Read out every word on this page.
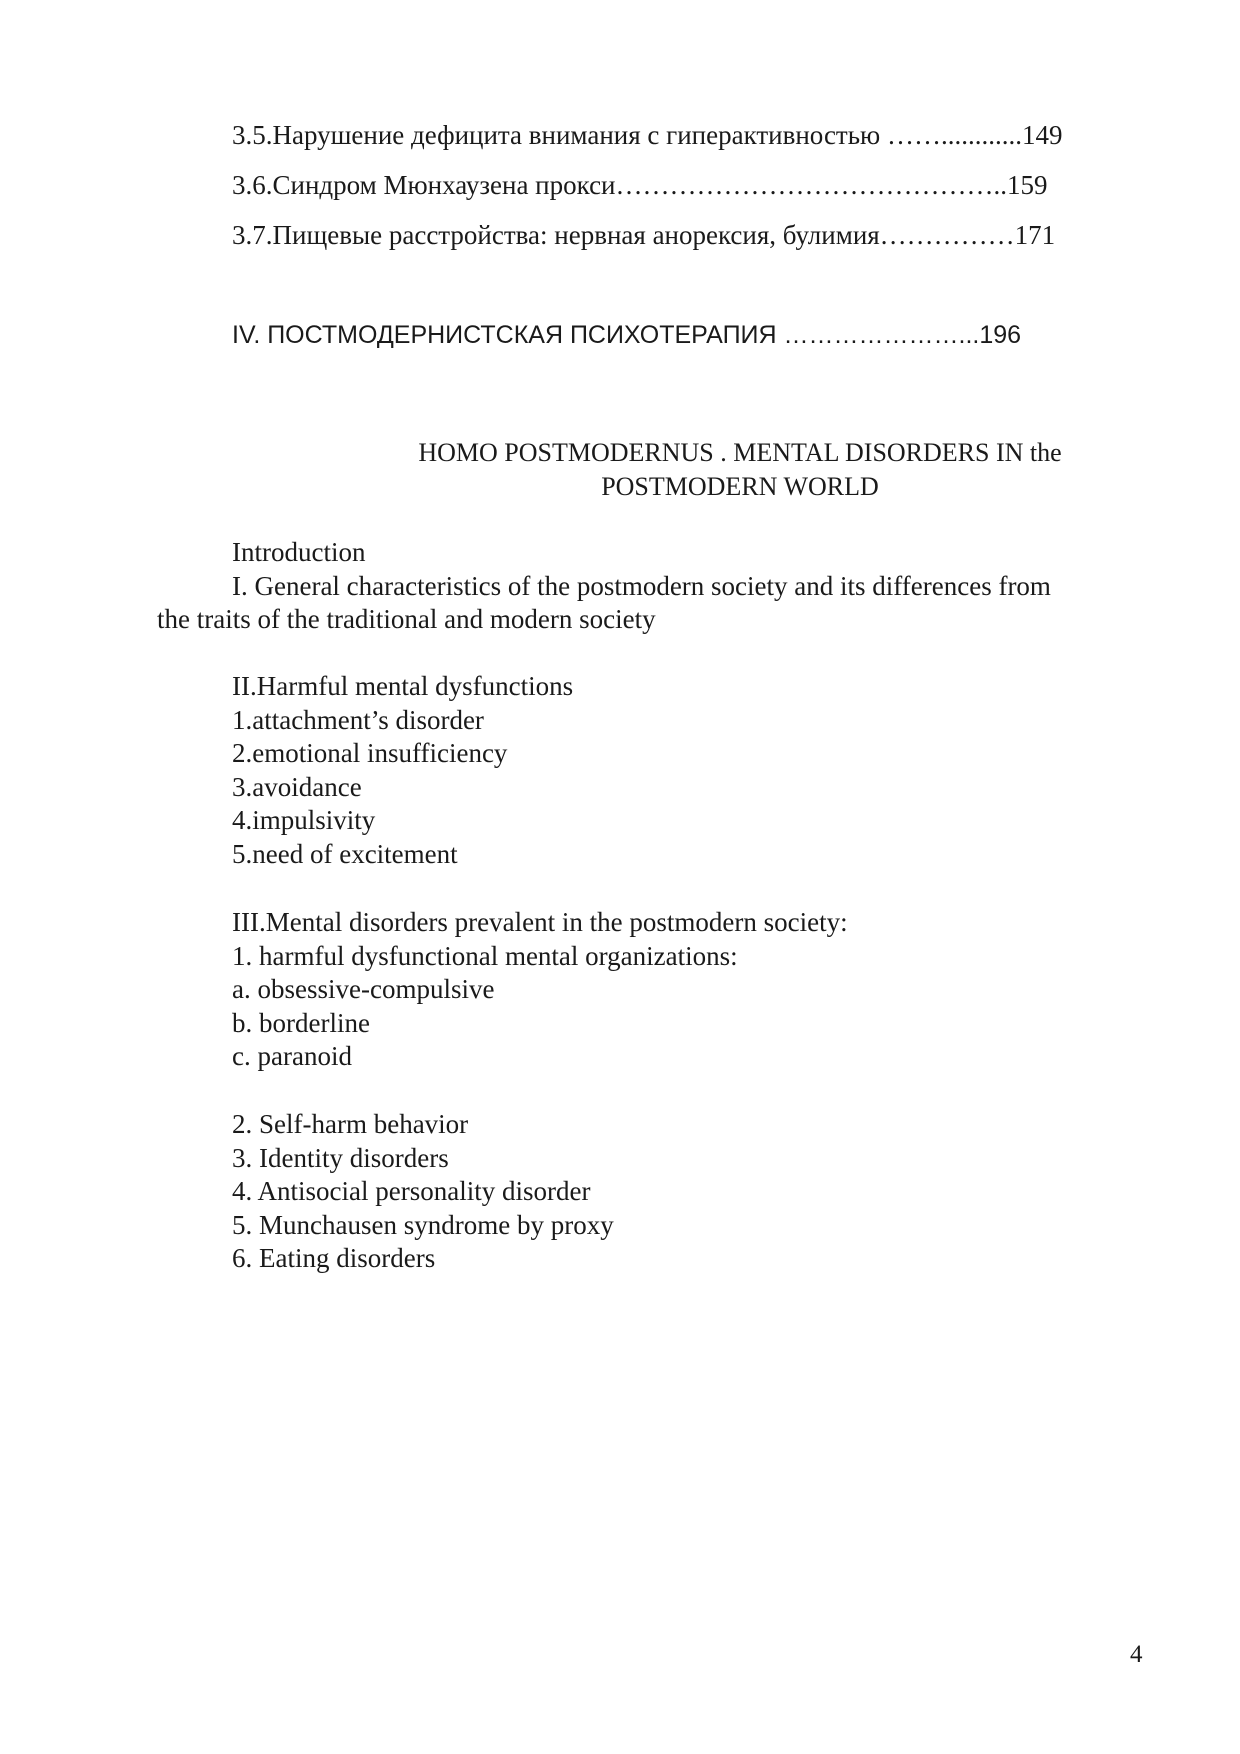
3.5.Нарушение дефицита внимания с гиперактивностью ……............149
3.6.Синдром Мюнхаузена прокси……………………………………..159
3.7.Пищевые расстройства: нервная анорексия, булимия……………171
IV. ПОСТМОДЕРНИСТСКАЯ ПСИХОТЕРАПИЯ …………………...196
HOMO POSTMODERNUS . MENTAL DISORDERS IN the
POSTMODERN WORLD
Introduction
I. General characteristics of the postmodern society and its differences from
the traits of the traditional and modern society
II.Harmful mental dysfunctions
1.attachment’s disorder
2.emotional insufficiency
3.avoidance
4.impulsivity
5.need of excitement
III.Mental disorders prevalent in the postmodern society:
1. harmful dysfunctional mental organizations:
a. obsessive-compulsive
b. borderline
c. paranoid
2. Self-harm behavior
3. Identity disorders
4. Antisocial personality disorder
5. Munchausen syndrome by proxy
6. Eating disorders
4
